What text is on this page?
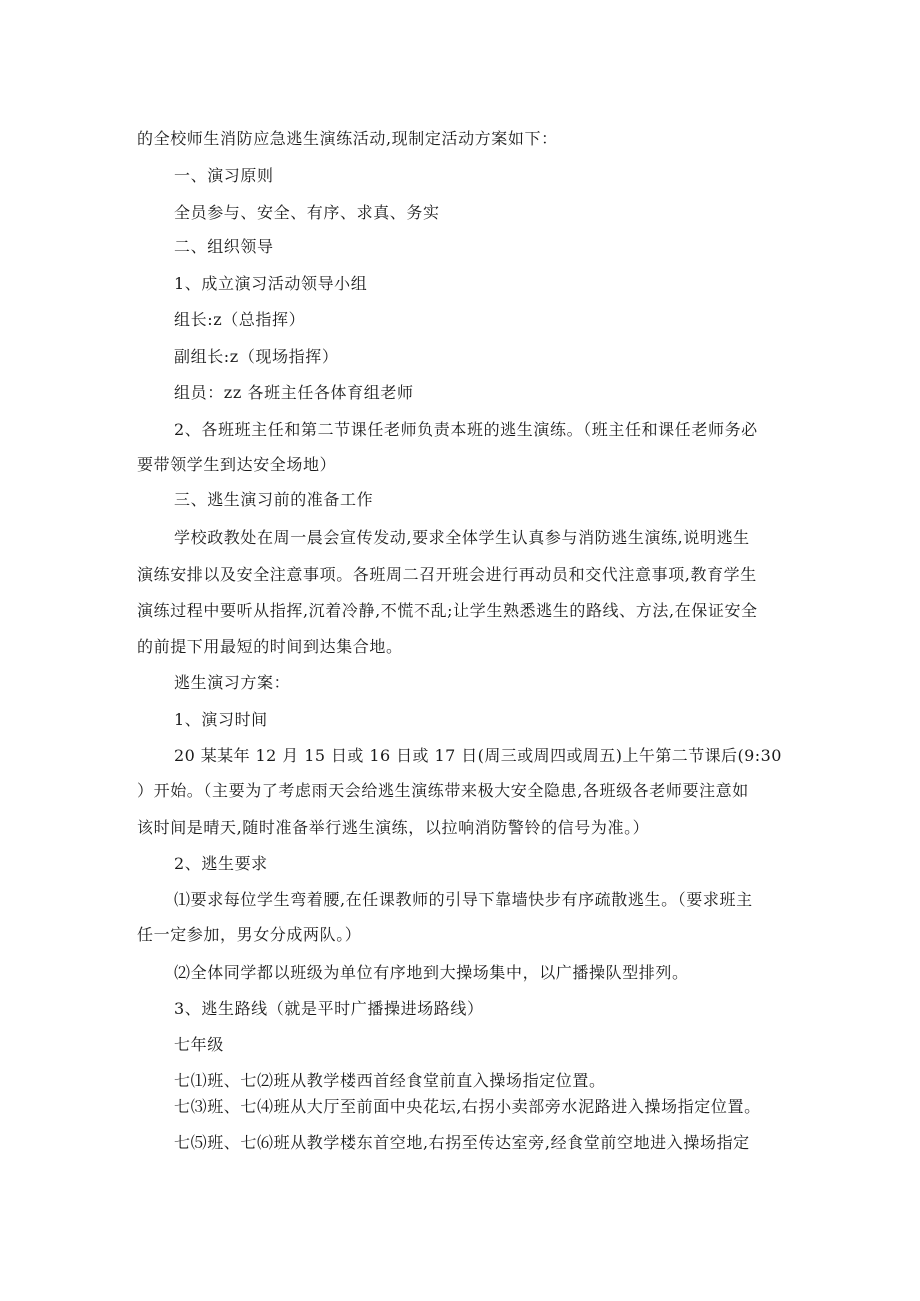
的全校师生消防应急逃生演练活动,现制定活动方案如下：

一、演习原则

全员参与、安全、有序、求真、务实

二、组织领导

1、成立演习活动领导小组

组长:z（总指挥）

副组长:z（现场指挥）

组员：zz 各班主任各体育组老师

2、各班班主任和第二节课任老师负责本班的逃生演练。（班主任和课任老师务必

要带领学生到达安全场地）

三、逃生演习前的准备工作

学校政教处在周一晨会宣传发动,要求全体学生认真参与消防逃生演练,说明逃生

演练安排以及安全注意事项。各班周二召开班会进行再动员和交代注意事项,教育学生

演练过程中要听从指挥,沉着冷静,不慌不乱;让学生熟悉逃生的路线、方法,在保证安全

的前提下用最短的时间到达集合地。

逃生演习方案：

1、演习时间

20 某某年 12 月 15 日或 16 日或 17 日(周三或周四或周五)上午第二节课后(9:30

）开始。（主要为了考虑雨天会给逃生演练带来极大安全隐患,各班级各老师要注意如

该时间是晴天,随时准备举行逃生演练，以拉响消防警铃的信号为准。）

2、逃生要求

⑴要求每位学生弯着腰,在任课教师的引导下靠墙快步有序疏散逃生。（要求班主

任一定参加，男女分成两队。）

⑵全体同学都以班级为单位有序地到大操场集中，以广播操队型排列。

3、逃生路线（就是平时广播操进场路线）

七年级

七⑴班、七⑵班从教学楼西首经食堂前直入操场指定位置。

七⑶班、七⑷班从大厅至前面中央花坛,右拐小卖部旁水泥路进入操场指定位置。

七⑸班、七⑹班从教学楼东首空地,右拐至传达室旁,经食堂前空地进入操场指定
